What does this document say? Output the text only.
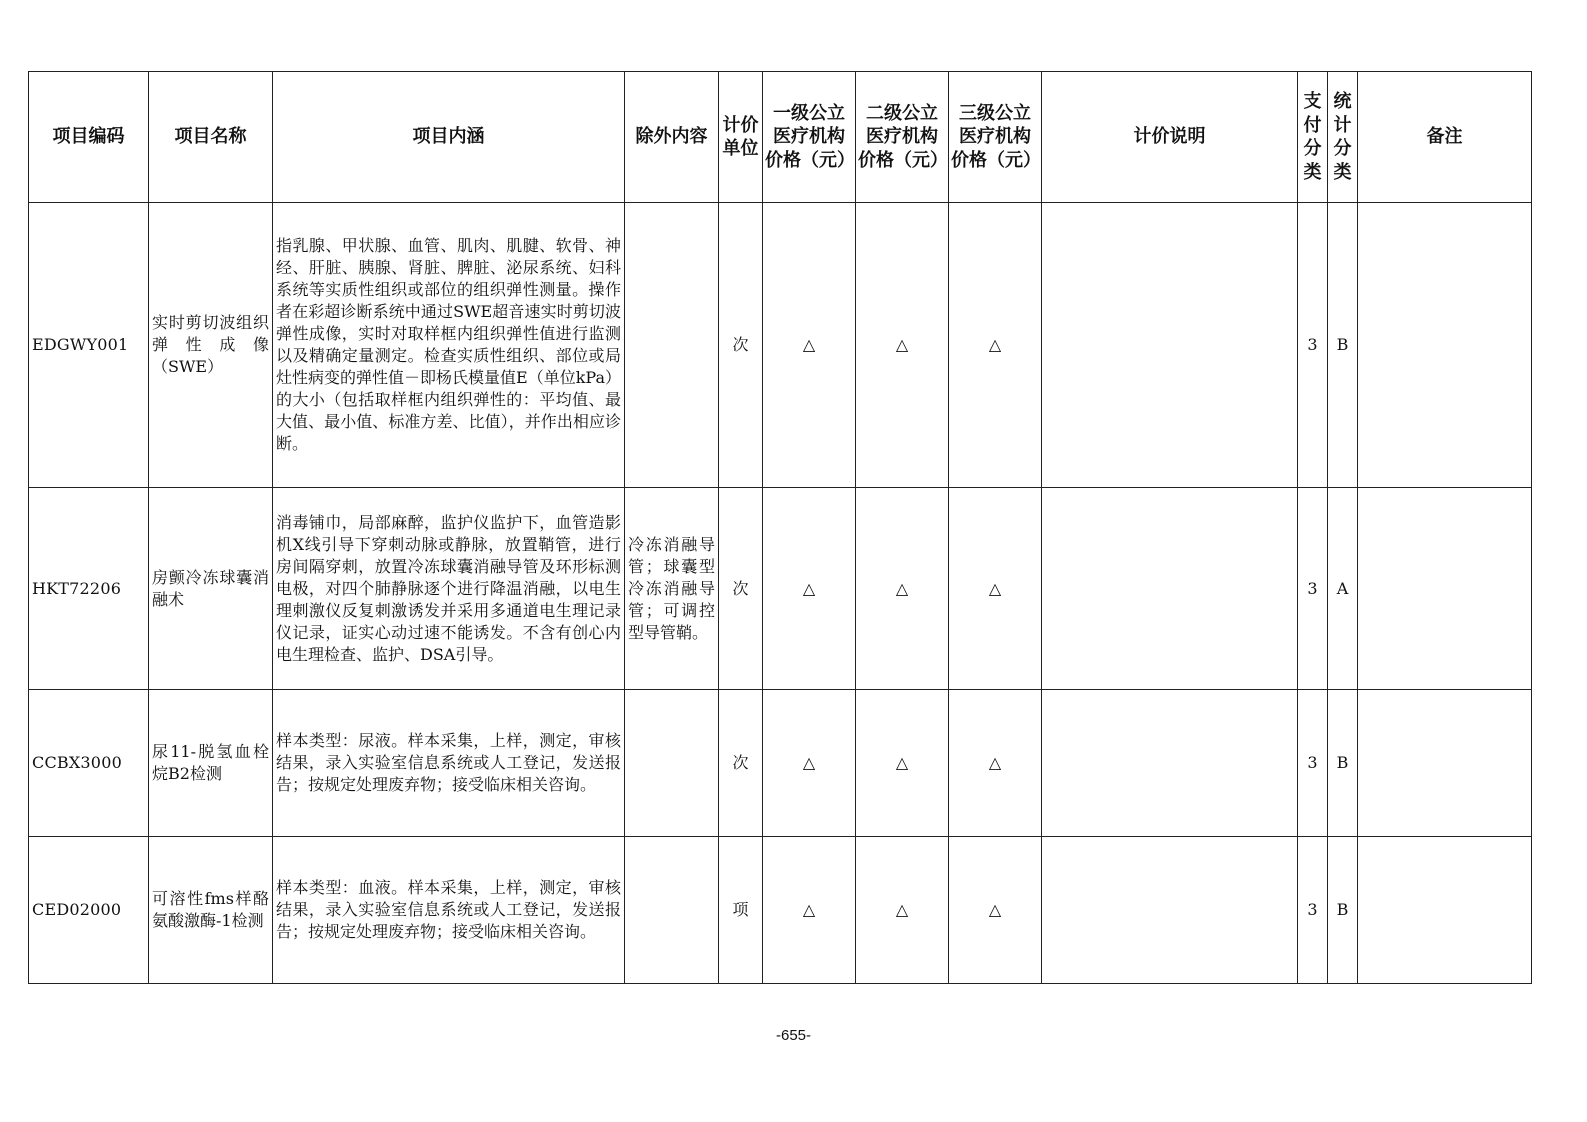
项目编码	项目名称	项目内涵	除外内容	计价单位	一级公立医疗机构价格（元）	二级公立医疗机构价格（元）	三级公立医疗机构价格（元）	计价说明	支付分类	统计分类	备注
EDGWY001	实时剪切波组织弹性成像（SWE）	指乳腺、甲状腺、血管、肌肉、肌腱、软骨、神经、肝脏、胰腺、肾脏、脾脏、泌尿系统、妇科系统等实质性组织或部位的组织弹性测量。操作者在彩超诊断系统中通过SWE超音速实时剪切波弹性成像，实时对取样框内组织弹性值进行监测以及精确定量测定。检查实质性组织、部位或局灶性病变的弹性值－即杨氏模量值E（单位kPa）的大小（包括取样框内组织弹性的：平均值、最大值、最小值、标准方差、比值），并作出相应诊断。		次	△	△	△		3	B	
HKT72206	房颤冷冻球囊消融术	消毒铺巾，局部麻醉，监护仪监护下，血管造影机X线引导下穿刺动脉或静脉，放置鞘管，进行房间隔穿刺，放置冷冻球囊消融导管及环形标测电极，对四个肺静脉逐个进行降温消融，以电生理刺激仪反复刺激诱发并采用多通道电生理记录仪记录，证实心动过速不能诱发。不含有创心内电生理检查、监护、DSA引导。	冷冻消融导管；球囊型冷冻消融导管；可调控型导管鞘。	次	△	△	△		3	A	
CCBX3000	尿11-脱氢血栓烷B2检测	样本类型：尿液。样本采集，上样，测定，审核结果，录入实验室信息系统或人工登记，发送报告；按规定处理废弃物；接受临床相关咨询。		次	△	△	△		3	B	
CED02000	可溶性fms样酪氨酸激酶-1检测	样本类型：血液。样本采集，上样，测定，审核结果，录入实验室信息系统或人工登记，发送报告；按规定处理废弃物；接受临床相关咨询。		项	△	△	△		3	B	
-655-
